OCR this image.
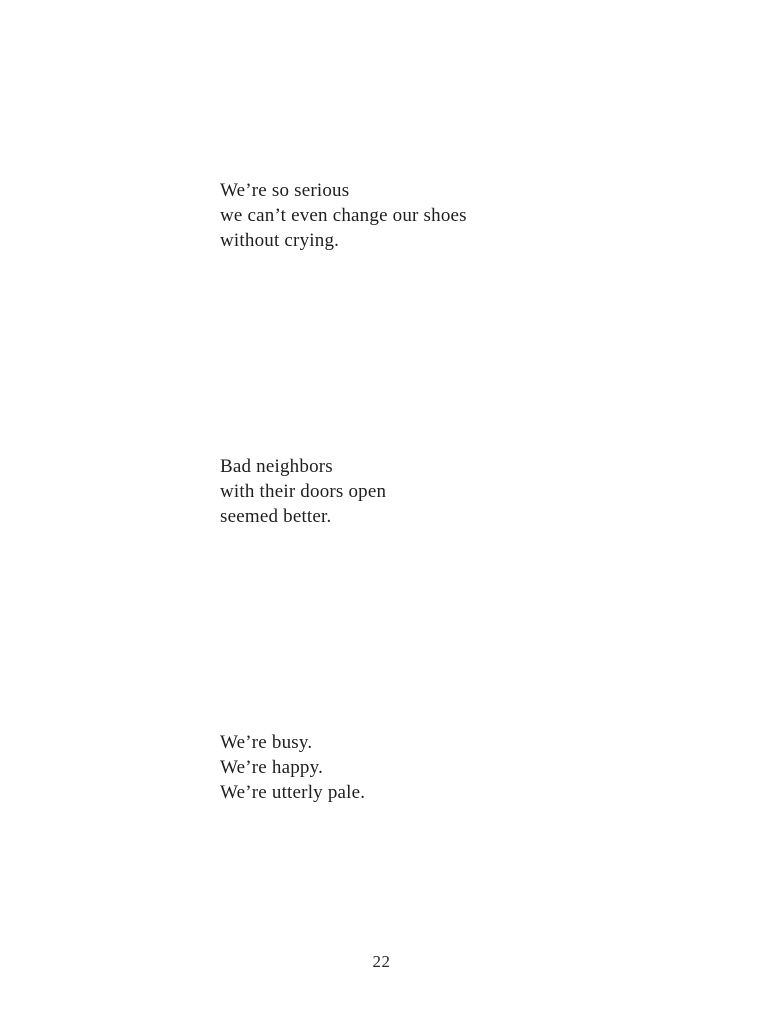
We’re so serious
we can’t even change our shoes
without crying.
Bad neighbors
with their doors open
seemed better.
We’re busy.
We’re happy.
We’re utterly pale.
22
